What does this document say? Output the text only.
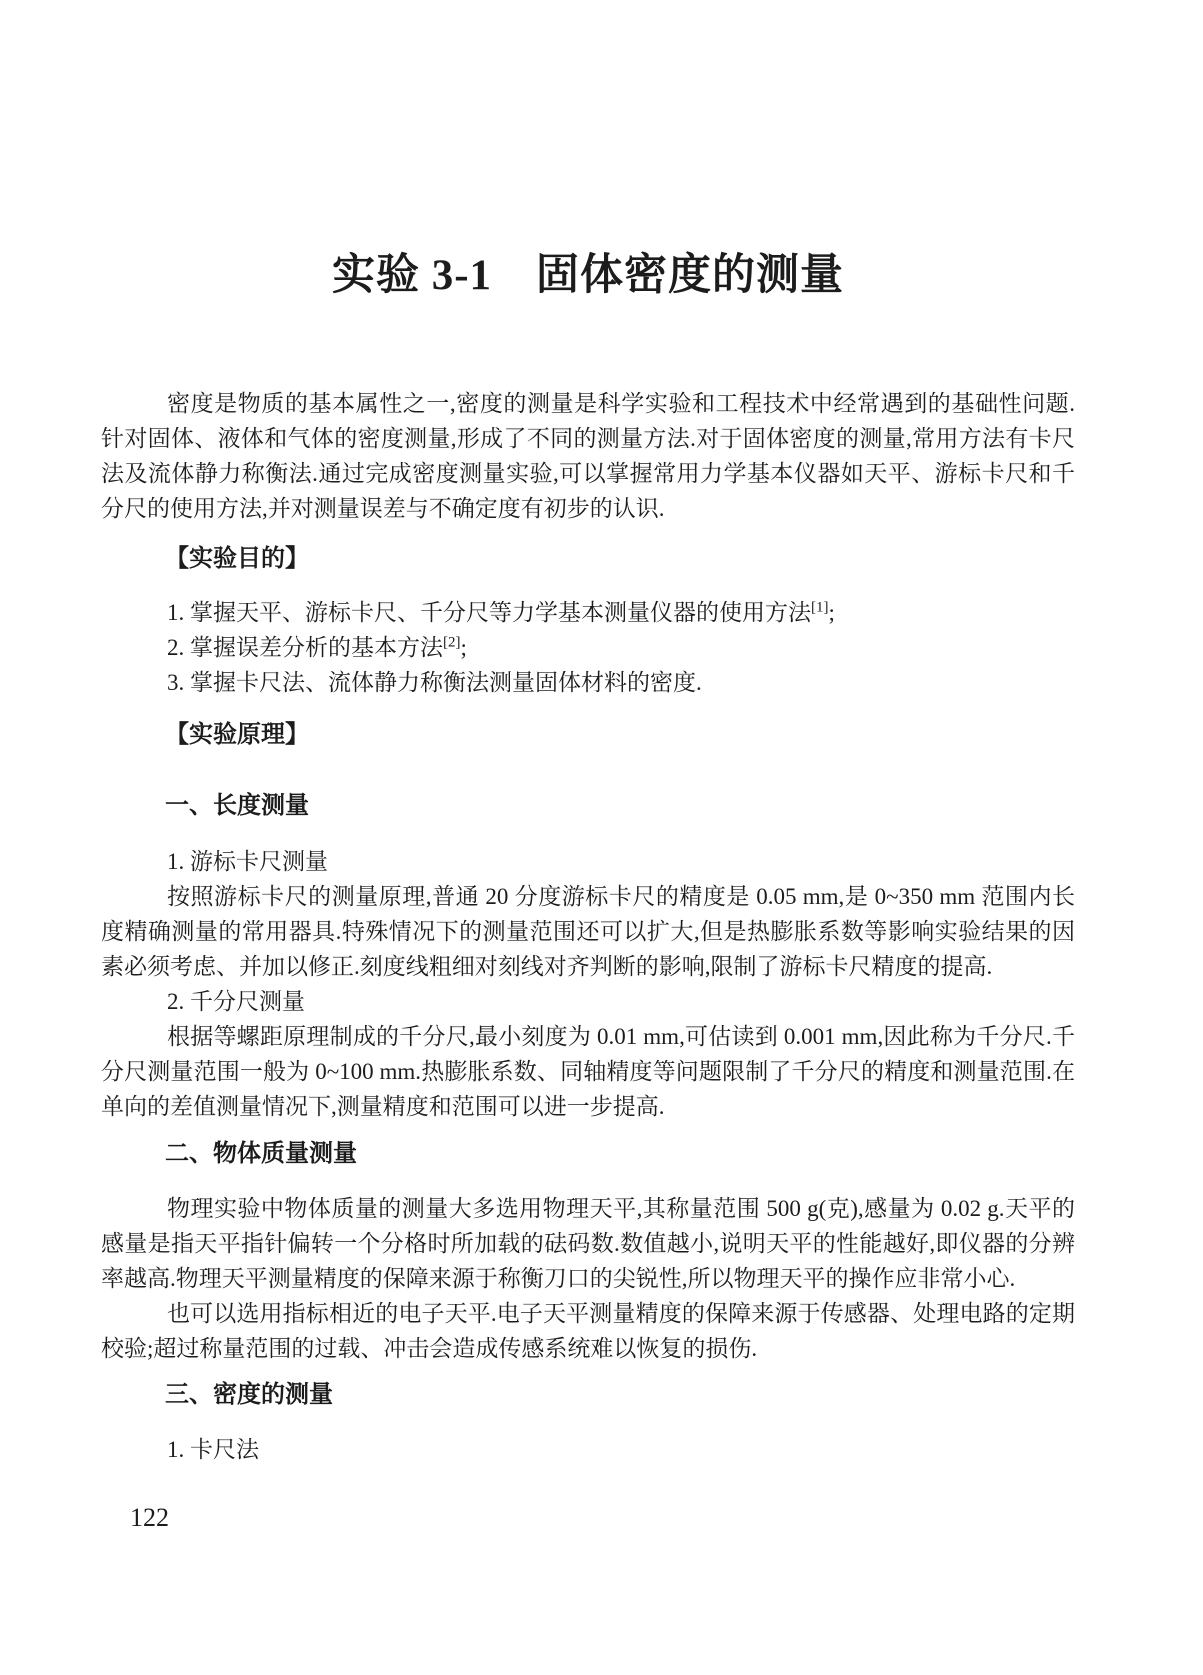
实验 3-1　固体密度的测量

密度是物质的基本属性之一,密度的测量是科学实验和工程技术中经常遇到的基础性问题.针对固体、液体和气体的密度测量,形成了不同的测量方法.对于固体密度的测量,常用方法有卡尺法及流体静力称衡法.通过完成密度测量实验,可以掌握常用力学基本仪器如天平、游标卡尺和千分尺的使用方法,并对测量误差与不确定度有初步的认识.

【实验目的】
1. 掌握天平、游标卡尺、千分尺等力学基本测量仪器的使用方法[1];
2. 掌握误差分析的基本方法[2];
3. 掌握卡尺法、流体静力称衡法测量固体材料的密度.
【实验原理】
一、长度测量

1. 游标卡尺测量

按照游标卡尺的测量原理,普通 20 分度游标卡尺的精度是 0.05 mm,是 0~350 mm 范围内长度精确测量的常用器具.特殊情况下的测量范围还可以扩大,但是热膨胀系数等影响实验结果的因素必须考虑、并加以修正.刻度线粗细对刻线对齐判断的影响,限制了游标卡尺精度的提高.

2. 千分尺测量

根据等螺距原理制成的千分尺,最小刻度为 0.01 mm,可估读到 0.001 mm,因此称为千分尺.千分尺测量范围一般为 0~100 mm.热膨胀系数、同轴精度等问题限制了千分尺的精度和测量范围.在单向的差值测量情况下,测量精度和范围可以进一步提高.

二、物体质量测量

物理实验中物体质量的测量大多选用物理天平,其称量范围 500 g(克),感量为 0.02 g.天平的感量是指天平指针偏转一个分格时所加载的砝码数.数值越小,说明天平的性能越好,即仪器的分辨率越高.物理天平测量精度的保障来源于称衡刀口的尖锐性,所以物理天平的操作应非常小心.

也可以选用指标相近的电子天平.电子天平测量精度的保障来源于传感器、处理电路的定期校验;超过称量范围的过载、冲击会造成传感系统难以恢复的损伤.

三、密度的测量

1. 卡尺法

122
